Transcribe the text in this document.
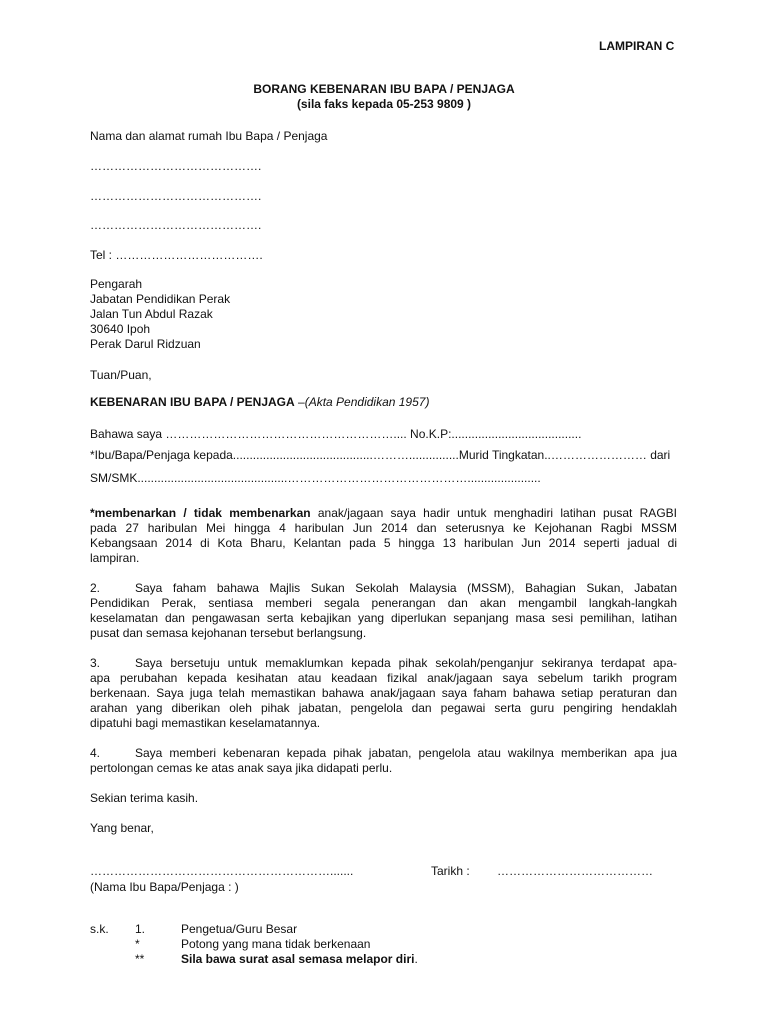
LAMPIRAN C
BORANG KEBENARAN IBU BAPA / PENJAGA
(sila faks kepada 05-253 9809 )
Nama dan alamat rumah Ibu Bapa / Penjaga
…………………………………….
…………………………………….
…………………………………….
Tel : ……………………………….
Pengarah
Jabatan Pendidikan Perak
Jalan Tun Abdul Razak
30640 Ipoh
Perak Darul Ridzuan
Tuan/Puan,
KEBENARAN IBU BAPA / PENJAGA –(Akta Pendidikan 1957)
Bahawa saya ………………………………………………….... No.K.P:.......................................
*Ibu/Bapa/Penjaga kepada..........................................………...............Murid Tingkatan..…………………… dari
SM/SMK.............................................………………………………………......................
*membenarkan / tidak membenarkan anak/jagaan saya hadir untuk menghadiri latihan pusat RAGBI
pada 27 haribulan Mei hingga 4 haribulan Jun 2014 dan seterusnya ke Kejohanan Ragbi MSSM
Kebangsaan 2014 di Kota Bharu, Kelantan pada 5 hingga 13 haribulan Jun 2014 seperti jadual di
lampiran.
2.	Saya faham bahawa Majlis Sukan Sekolah Malaysia (MSSM), Bahagian Sukan, Jabatan
Pendidikan Perak, sentiasa memberi segala penerangan dan akan mengambil langkah-langkah
keselamatan dan pengawasan serta kebajikan yang diperlukan sepanjang masa sesi pemilihan, latihan
pusat dan semasa kejohanan tersebut berlangsung.
3.	Saya bersetuju untuk memaklumkan kepada pihak sekolah/penganjur sekiranya terdapat apa-
apa perubahan kepada kesihatan atau keadaan fizikal anak/jagaan saya sebelum tarikh program
berkenaan. Saya juga telah memastikan bahawa anak/jagaan saya faham bahawa setiap peraturan dan
arahan yang diberikan oleh pihak jabatan, pengelola dan pegawai serta guru pengiring hendaklah
dipatuhi bagi memastikan keselamatannya.
4.	Saya memberi kebenaran kepada pihak jabatan, pengelola atau wakilnya memberikan apa jua
pertolongan cemas ke atas anak saya jika didapati perlu.
Sekian terima kasih.
Yang benar,
…………………………………………………….......
(Nama Ibu Bapa/Penjaga : )
Tarikh : …………………………………
s.k. 1.	Pengetua/Guru Besar
*	Potong yang mana tidak berkenaan
**	Sila bawa surat asal semasa melapor diri.
